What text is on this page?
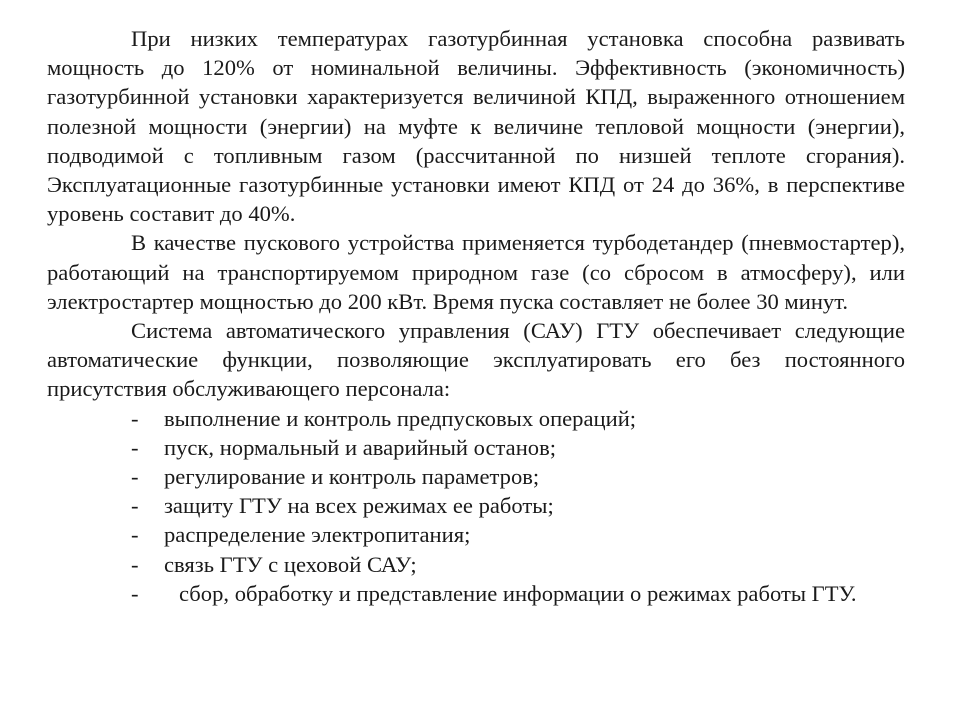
При низких температурах газотурбинная установка способна развивать мощность до 120% от номинальной величины. Эффективность (экономичность) газотурбинной установки характеризуется величиной КПД, выраженного отношением полезной мощности (энергии) на муфте к величине тепловой мощности (энергии), подводимой с топливным газом (рассчитанной по низшей теплоте сгорания). Эксплуатационные газотурбинные установки имеют КПД от 24 до 36%, в перспективе уровень составит до 40%.

В качестве пускового устройства применяется турбодетандер (пневмостартер), работающий на транспортируемом природном газе (со сбросом в атмосферу), или электростартер мощностью до 200 кВт. Время пуска составляет не более 30 минут.

Система автоматического управления (САУ) ГТУ обеспечивает следующие автоматические функции, позволяющие эксплуатировать его без постоянного присутствия обслуживающего персонала:

- выполнение и контроль предпусковых операций;
- пуск, нормальный и аварийный останов;
- регулирование и контроль параметров;
- защиту ГТУ на всех режимах ее работы;
- распределение электропитания;
- связь ГТУ с цеховой САУ;

- сбор, обработку и представление информации о режимах работы ГТУ.
